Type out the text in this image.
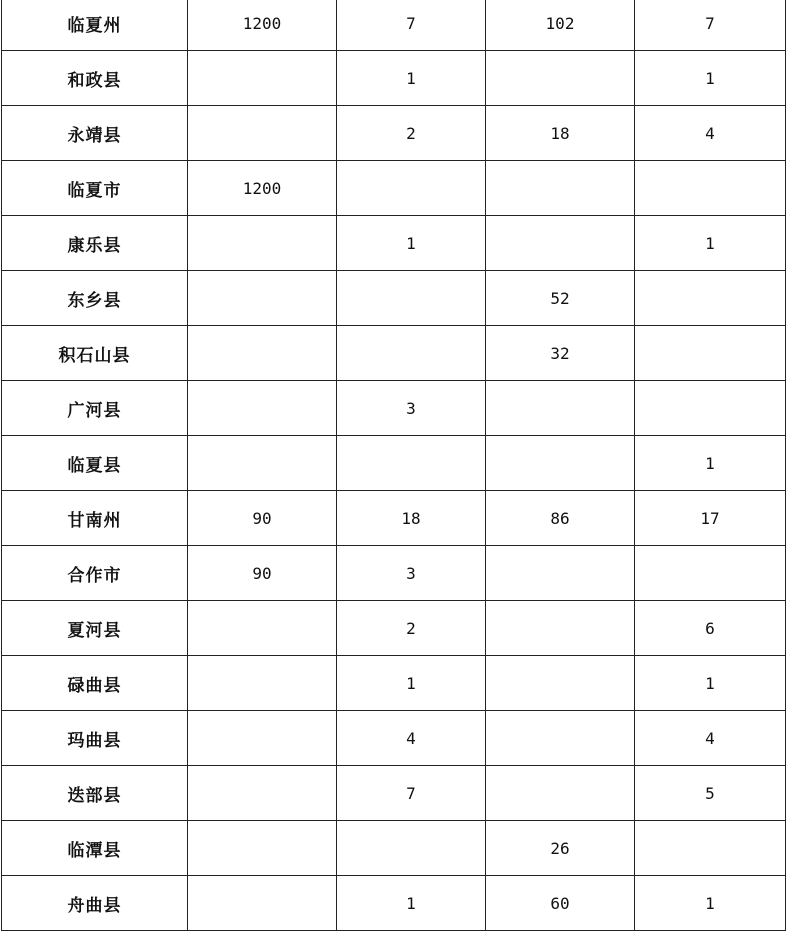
临夏州	1200	7	102	7
和政县		1		1
永靖县		2	18	4
临夏市	1200			
康乐县		1		1
东乡县			52	
积石山县			32	
广河县		3		
临夏县				1
甘南州	90	18	86	17
合作市	90	3		
夏河县		2		6
碌曲县		1		1
玛曲县		4		4
迭部县		7		5
临潭县			26	
舟曲县		1	60	1
